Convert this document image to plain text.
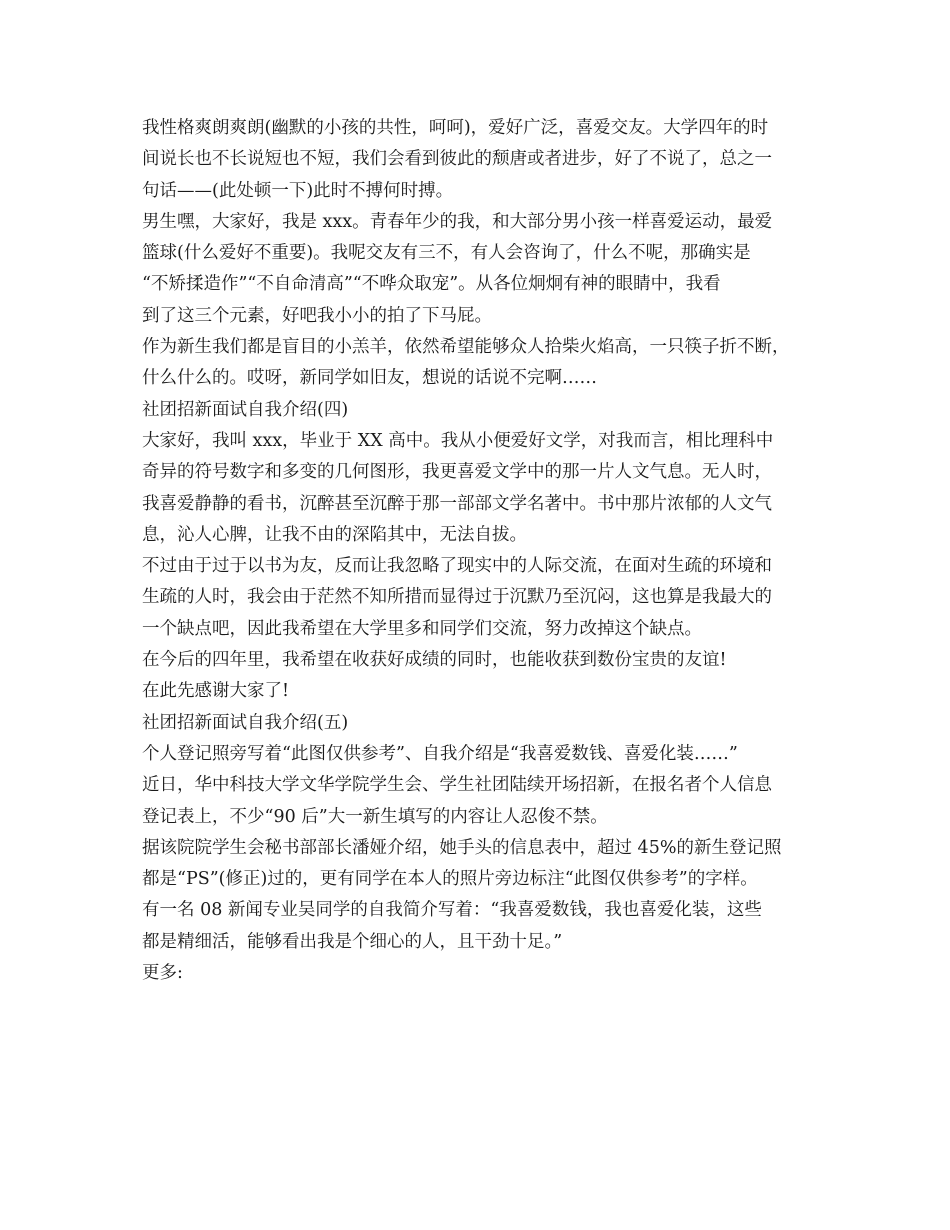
我性格爽朗爽朗(幽默的小孩的共性，呵呵)，爱好广泛，喜爱交友。大学四年的时

间说长也不长说短也不短，我们会看到彼此的颓唐或者进步，好了不说了，总之一

句话——(此处顿一下)此时不搏何时搏。

男生嘿，大家好，我是 xxx。青春年少的我，和大部分男小孩一样喜爱运动，最爱

篮球(什么爱好不重要)。我呢交友有三不，有人会咨询了，什么不呢，那确实是

“不矫揉造作”“不自命清高”“不哗众取宠”。从各位炯炯有神的眼睛中，我看

到了这三个元素，好吧我小小的拍了下马屁。

作为新生我们都是盲目的小羔羊，依然希望能够众人拾柴火焰高，一只筷子折不断，

什么什么的。哎呀，新同学如旧友，想说的话说不完啊……

社团招新面试自我介绍(四)

大家好，我叫 xxx，毕业于 XX 高中。我从小便爱好文学，对我而言，相比理科中

奇异的符号数字和多变的几何图形，我更喜爱文学中的那一片人文气息。无人时，

我喜爱静静的看书，沉醉甚至沉醉于那一部部文学名著中。书中那片浓郁的人文气

息，沁人心脾，让我不由的深陷其中，无法自拔。

不过由于过于以书为友，反而让我忽略了现实中的人际交流，在面对生疏的环境和

生疏的人时，我会由于茫然不知所措而显得过于沉默乃至沉闷，这也算是我最大的

一个缺点吧，因此我希望在大学里多和同学们交流，努力改掉这个缺点。

在今后的四年里，我希望在收获好成绩的同时，也能收获到数份宝贵的友谊!

在此先感谢大家了!

社团招新面试自我介绍(五)

个人登记照旁写着“此图仅供参考”、自我介绍是“我喜爱数钱、喜爱化装……”

近日，华中科技大学文华学院学生会、学生社团陆续开场招新，在报名者个人信息

登记表上，不少“90 后”大一新生填写的内容让人忍俊不禁。

据该院院学生会秘书部部长潘娅介绍，她手头的信息表中，超过 45%的新生登记照

都是“PS”(修正)过的，更有同学在本人的照片旁边标注“此图仅供参考”的字样。

有一名 08 新闻专业吴同学的自我简介写着：“我喜爱数钱，我也喜爱化装，这些

都是精细活，能够看出我是个细心的人，且干劲十足。”

更多:
